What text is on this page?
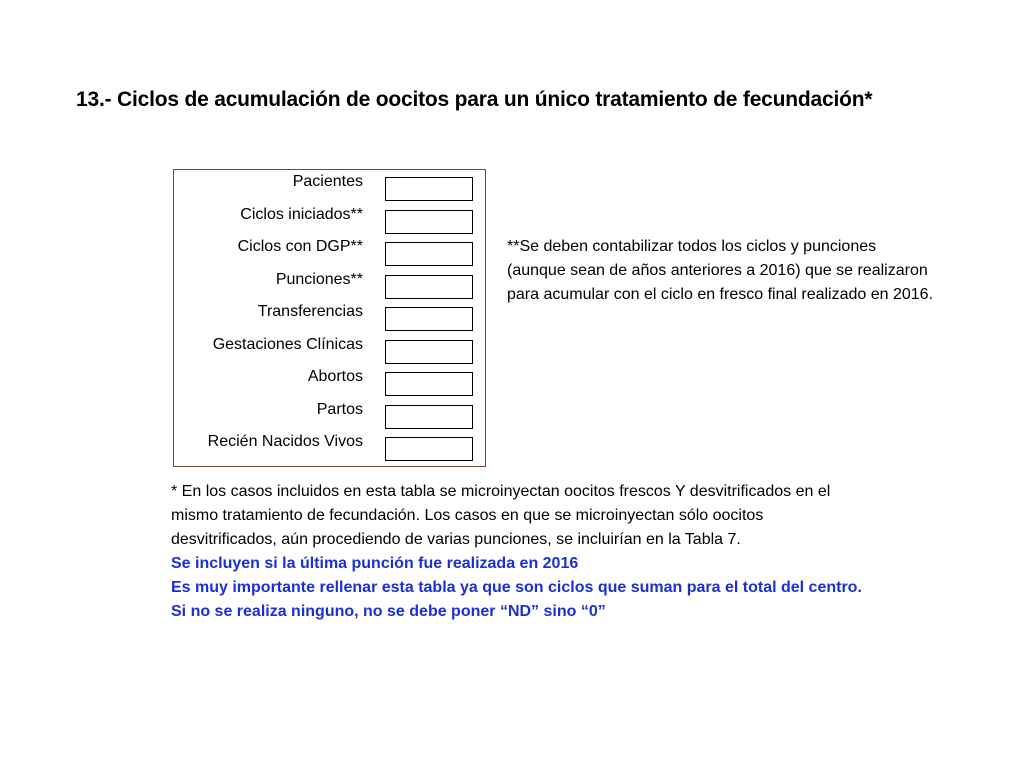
13.- Ciclos de acumulación de oocitos para un único tratamiento de fecundación*
Pacientes
Ciclos iniciados**
Ciclos con DGP**
Punciones**
Transferencias
Gestaciones Clínicas
Abortos
Partos
Recién Nacidos Vivos

**Se deben contabilizar todos los ciclos y punciones

(aunque sean de años anteriores a 2016) que se realizaron

para acumular con el ciclo en fresco final realizado en 2016.

* En los casos incluidos en esta tabla se microinyectan oocitos frescos Y desvitrificados en el

mismo tratamiento de fecundación. Los casos en que se microinyectan sólo oocitos

desvitrificados, aún procediendo de varias punciones, se incluirían en la Tabla 7.

Se incluyen si la última punción fue realizada en 2016

Es muy importante rellenar esta tabla ya que son ciclos que suman para el total del centro.

Si no se realiza ninguno, no se debe poner “ND” sino “0”
